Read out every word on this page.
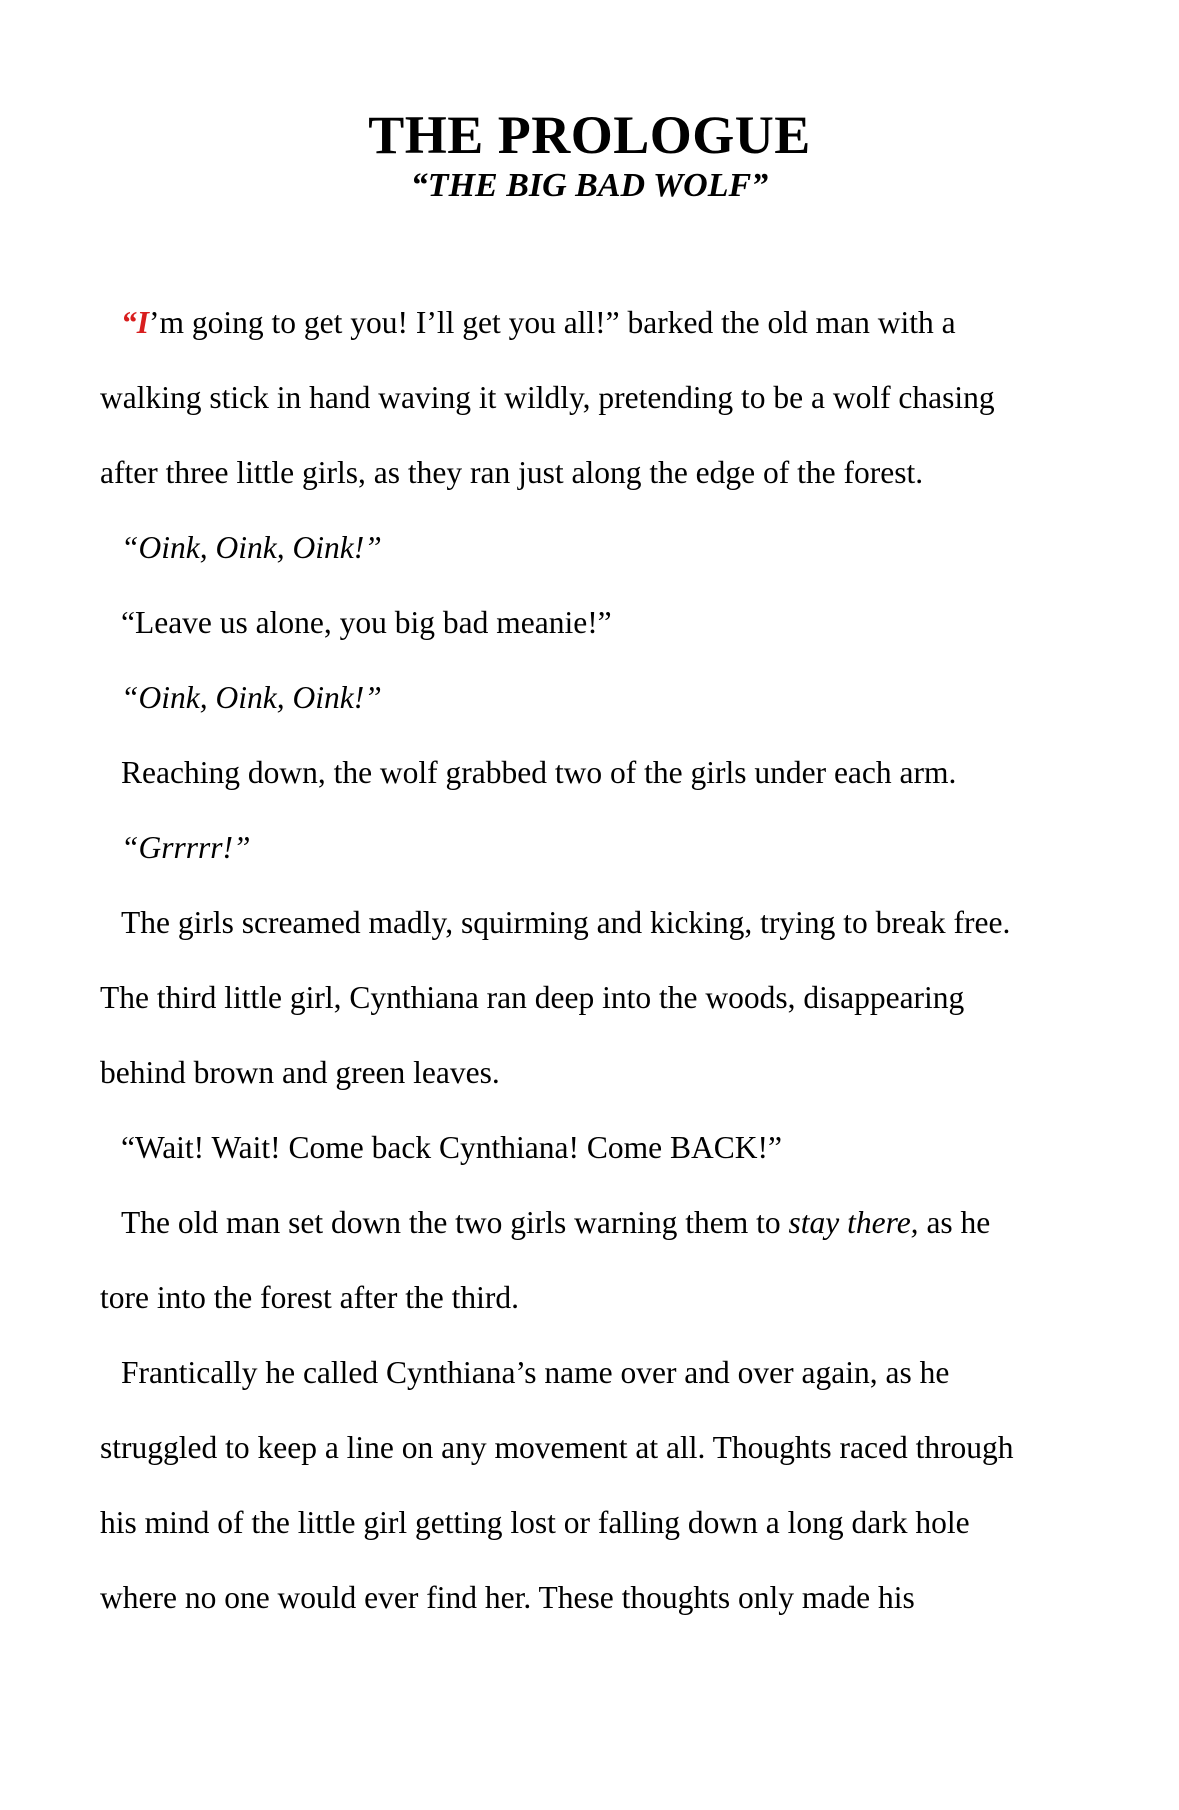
THE PROLOGUE
“THE BIG BAD WOLF”
“I’m going to get you! I’ll get you all!” barked the old man with a
walking stick in hand waving it wildly, pretending to be a wolf chasing
after three little girls, as they ran just along the edge of the forest.
“Oink, Oink, Oink!”
“Leave us alone, you big bad meanie!”
“Oink, Oink, Oink!”
Reaching down, the wolf grabbed two of the girls under each arm.
“Grrrrr!”
The girls screamed madly, squirming and kicking, trying to break free.
The third little girl, Cynthiana ran deep into the woods, disappearing
behind brown and green leaves.
“Wait! Wait! Come back Cynthiana! Come BACK!”
The old man set down the two girls warning them to stay there, as he
tore into the forest after the third.
Frantically he called Cynthiana’s name over and over again, as he
struggled to keep a line on any movement at all. Thoughts raced through
his mind of the little girl getting lost or falling down a long dark hole
where no one would ever find her. These thoughts only made his
